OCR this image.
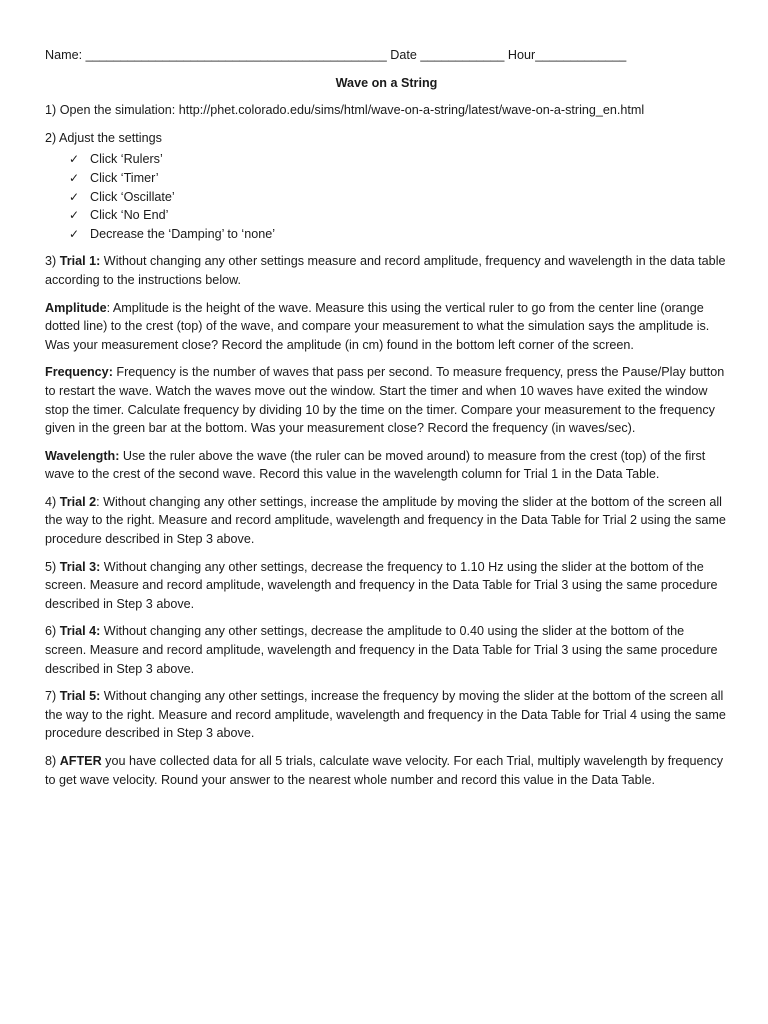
Name: ___________________________________________ Date ____________ Hour_____________
Wave on a String

1) Open the simulation: http://phet.colorado.edu/sims/html/wave-on-a-string/latest/wave-on-a-string_en.html

2) Adjust the settings

✓ Click ‘Rulers’
✓ Click ‘Timer’
✓ Click ‘Oscillate’
✓ Click ‘No End’
✓ Decrease the ‘Damping’ to ‘none’

3) Trial 1: Without changing any other settings measure and record amplitude, frequency and wavelength in the data table according to the instructions below.

Amplitude: Amplitude is the height of the wave. Measure this using the vertical ruler to go from the center line (orange dotted line) to the crest (top) of the wave, and compare your measurement to what the simulation says the amplitude is. Was your measurement close? Record the amplitude (in cm) found in the bottom left corner of the screen.

Frequency: Frequency is the number of waves that pass per second. To measure frequency, press the Pause/Play button to restart the wave. Watch the waves move out the window. Start the timer and when 10 waves have exited the window stop the timer. Calculate frequency by dividing 10 by the time on the timer. Compare your measurement to the frequency given in the green bar at the bottom. Was your measurement close? Record the frequency (in waves/sec).

Wavelength: Use the ruler above the wave (the ruler can be moved around) to measure from the crest (top) of the first wave to the crest of the second wave. Record this value in the wavelength column for Trial 1 in the Data Table.

4) Trial 2: Without changing any other settings, increase the amplitude by moving the slider at the bottom of the screen all the way to the right. Measure and record amplitude, wavelength and frequency in the Data Table for Trial 2 using the same procedure described in Step 3 above.

5) Trial 3: Without changing any other settings, decrease the frequency to 1.10 Hz using the slider at the bottom of the screen. Measure and record amplitude, wavelength and frequency in the Data Table for Trial 3 using the same procedure described in Step 3 above.

6) Trial 4: Without changing any other settings, decrease the amplitude to 0.40 using the slider at the bottom of the screen. Measure and record amplitude, wavelength and frequency in the Data Table for Trial 3 using the same procedure described in Step 3 above.

7) Trial 5: Without changing any other settings, increase the frequency by moving the slider at the bottom of the screen all the way to the right. Measure and record amplitude, wavelength and frequency in the Data Table for Trial 4 using the same procedure described in Step 3 above.

8) AFTER you have collected data for all 5 trials, calculate wave velocity. For each Trial, multiply wavelength by frequency to get wave velocity. Round your answer to the nearest whole number and record this value in the Data Table.
